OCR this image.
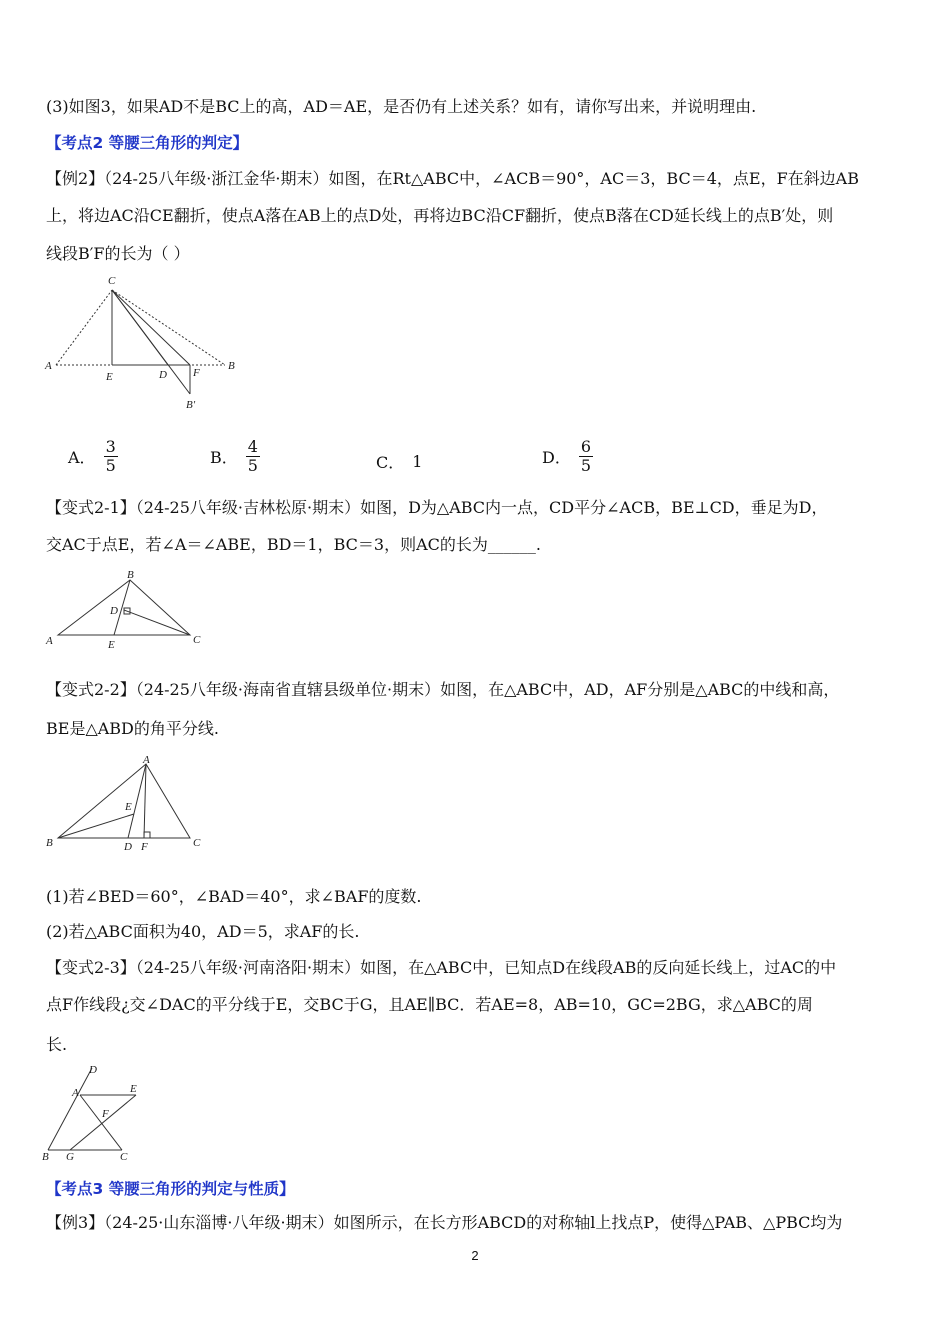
(3)如图3，如果AD不是BC上的高，AD＝AE，是否仍有上述关系？如有，请你写出来，并说明理由.
【考点2 等腰三角形的判定】
【例2】（24-25八年级·浙江金华·期末）如图，在Rt△ABC中，∠ACB＝90°，AC＝3，BC＝4，点E，F在斜边AB
上，将边AC沿CE翻折，使点A落在AB上的点D处，再将边BC沿CF翻折，使点B落在CD延长线上的点B′处，则
线段B′F的长为（ ）
C
A	B
E	D F
B′
A． $\frac{3}{5}$	B． $\frac{4}{5}$	C． 1	D． $\frac{6}{5}$
【变式2-1】（24-25八年级·吉林松原·期末）如图，D为△ABC内一点，CD平分∠ACB，BE⊥CD，垂足为D，
交AC于点E，若∠A＝∠ABE，BD＝1，BC＝3，则AC的长为______.
B
A	C
D
E
【变式2-2】（24-25八年级·海南省直辖县级单位·期末）如图，在△ABC中，AD，AF分别是△ABC的中线和高，
BE是△ABD的角平分线.
A
B	C
D F
E
(1)若∠BED＝60°，∠BAD＝40°，求∠BAF的度数.
(2)若△ABC面积为40，AD＝5，求AF的长.
【变式2-3】（24-25八年级·河南洛阳·期末）如图，在△ABC中，已知点D在线段AB的反向延长线上，过AC的中
点F作线段¿交∠DAC的平分线于E，交BC于G，且AE∥BC．若AE=8，AB=10，GC=2BG，求△ABC的周
长.
D
A	E
F
B G	C
【考点3 等腰三角形的判定与性质】
【例3】（24-25·山东淄博·八年级·期末）如图所示，在长方形ABCD的对称轴l上找点P，使得△PAB、△PBC均为
2
